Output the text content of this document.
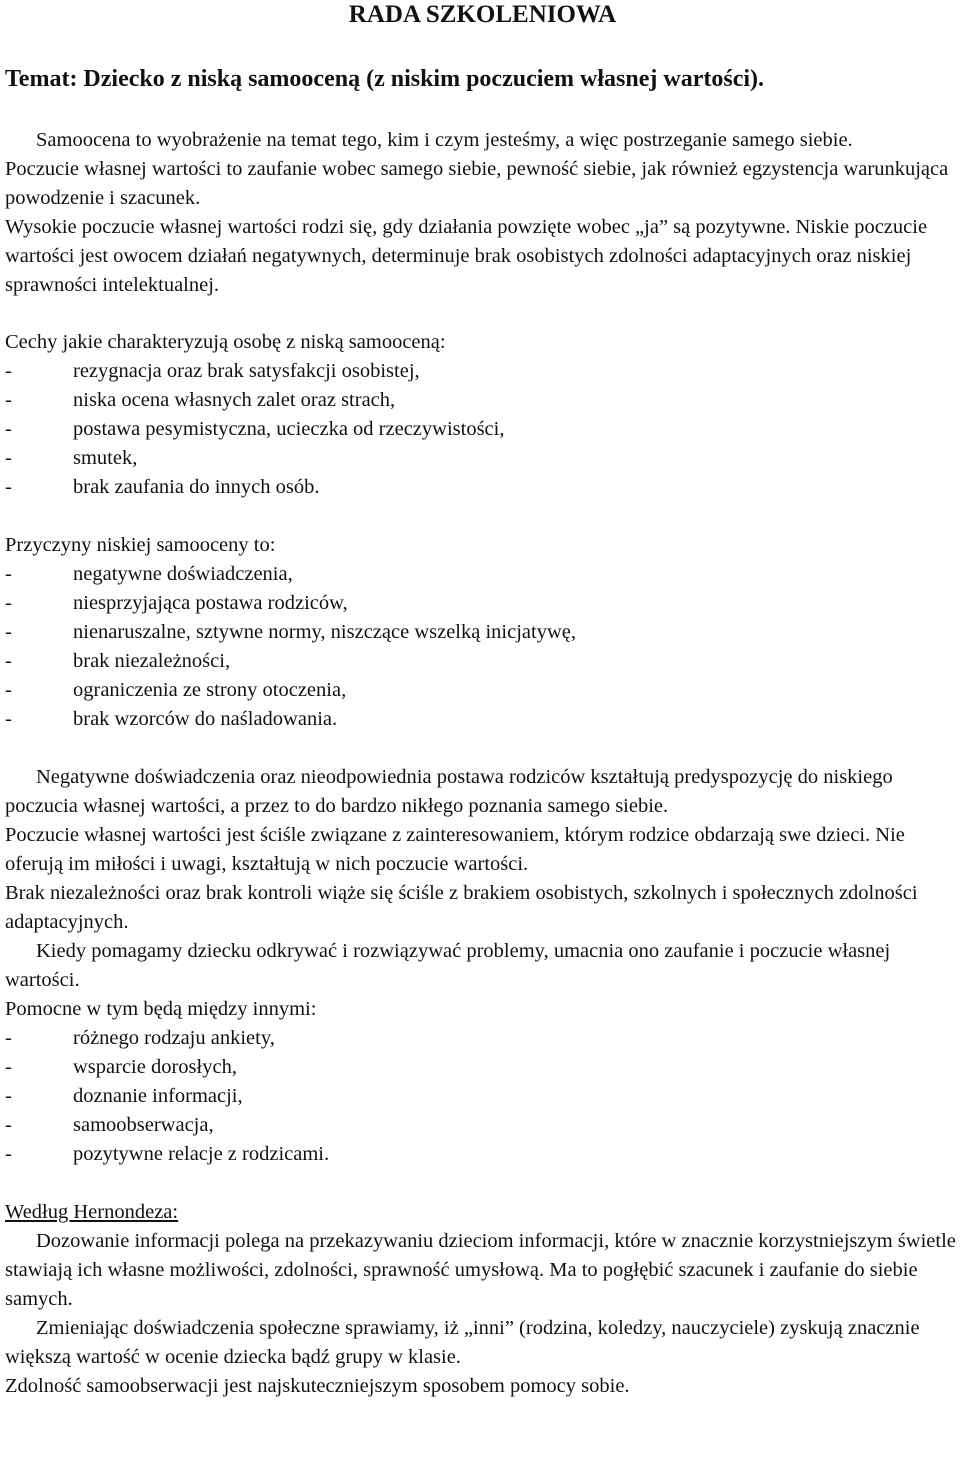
RADA SZKOLENIOWA
Temat: Dziecko z niską samooceną (z niskim poczuciem własnej wartości).

Samoocena to wyobrażenie na temat tego, kim i czym jesteśmy, a więc postrzeganie samego siebie.

Poczucie własnej wartości to zaufanie wobec samego siebie, pewność siebie, jak również egzystencja warunkująca powodzenie i szacunek.

Wysokie poczucie własnej wartości rodzi się, gdy działania powzięte wobec „ja” są pozytywne. Niskie poczucie wartości jest owocem działań negatywnych, determinuje brak osobistych zdolności adaptacyjnych oraz niskiej sprawności intelektualnej.

Cechy jakie charakteryzują osobę z niską samooceną:

-	rezygnacja oraz brak satysfakcji osobistej,
-	niska ocena własnych zalet oraz strach,
-	postawa pesymistyczna, ucieczka od rzeczywistości,
-	smutek,
-	brak zaufania do innych osób.

Przyczyny niskiej samooceny to:

-	negatywne doświadczenia,
-	niesprzyjająca postawa rodziców,
-	nienaruszalne, sztywne normy, niszczące wszelką inicjatywę,
-	brak niezależności,
-	ograniczenia ze strony otoczenia,
-	brak wzorców do naśladowania.

Negatywne doświadczenia oraz nieodpowiednia postawa rodziców kształtują predyspozycję do niskiego poczucia własnej wartości, a przez to do bardzo nikłego poznania samego siebie.

Poczucie własnej wartości jest ściśle związane z zainteresowaniem, którym rodzice obdarzają swe dzieci. Nie oferują im miłości i uwagi, kształtują w nich poczucie wartości.

Brak niezależności oraz brak kontroli wiąże się ściśle z brakiem osobistych, szkolnych i społecznych zdolności adaptacyjnych.

Kiedy pomagamy dziecku odkrywać i rozwiązywać problemy, umacnia ono zaufanie i poczucie własnej wartości.

Pomocne w tym będą między innymi:

-	różnego rodzaju ankiety,
-	wsparcie dorosłych,
-	doznanie informacji,
-	samoobserwacja,
-	pozytywne relacje z rodzicami.

Według Hernondeza:

Dozowanie informacji polega na przekazywaniu dzieciom informacji, które w znacznie korzystniejszym świetle stawiają ich własne możliwości, zdolności, sprawność umysłową. Ma to pogłębić szacunek i zaufanie do siebie samych.

Zmieniając doświadczenia społeczne sprawiamy, iż „inni” (rodzina, koledzy, nauczyciele) zyskują znacznie większą wartość w ocenie dziecka bądź grupy w klasie.

Zdolność samoobserwacji jest najskuteczniejszym sposobem pomocy sobie.
